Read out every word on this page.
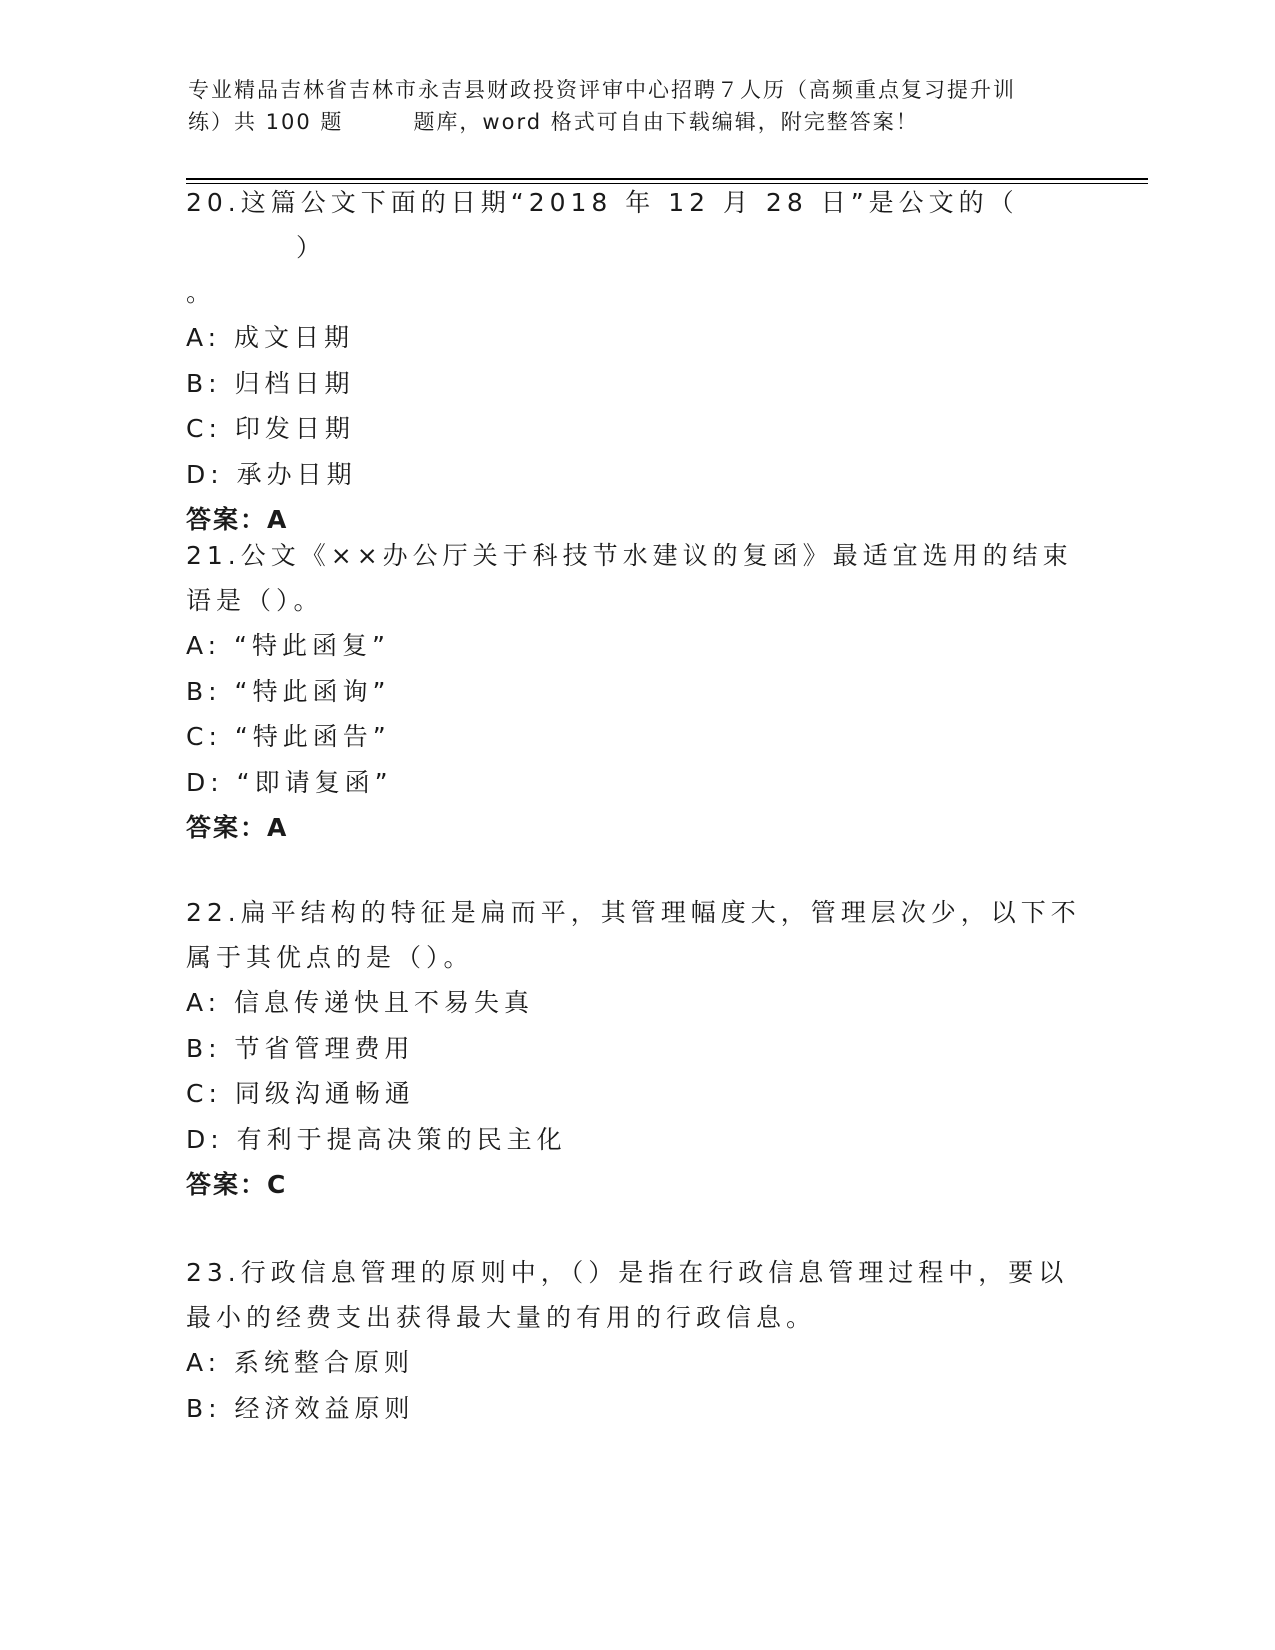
专业精品吉林省吉林市永吉县财政投资评审中心招聘７人历（高频重点复习提升训
练）共 100 题	题库，word 格式可自由下载编辑，附完整答案！
20.这篇公文下面的日期“2018 年 12 月 28 日”是公文的（）
。
A: 成文日期
B: 归档日期
C: 印发日期
D: 承办日期
答案：A
21.公文《××办公厅关于科技节水建议的复函》最适宜选用的结束语是（）。
A: “特此函复”
B: “特此函询”
C: “特此函告”
D: “即请复函”
答案：A
22.扁平结构的特征是扁而平，其管理幅度大，管理层次少，以下不属于其优点的是（）。
A: 信息传递快且不易失真
B: 节省管理费用
C: 同级沟通畅通
D: 有利于提高决策的民主化
答案：C
23.行政信息管理的原则中，（）是指在行政信息管理过程中，要以最小的经费支出获得最大量的有用的行政信息。
A: 系统整合原则
B: 经济效益原则
